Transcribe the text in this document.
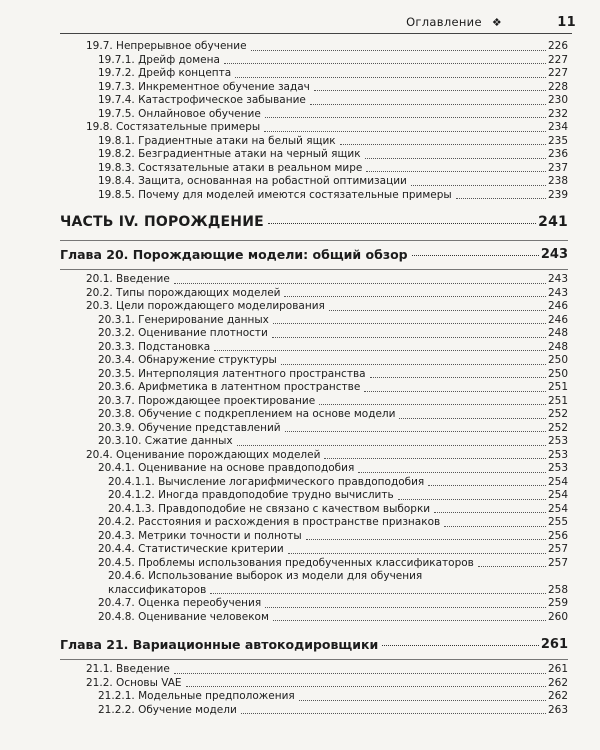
Оглавление ❖	11
19.7. Непрерывное обучение	226
19.7.1. Дрейф домена	227
19.7.2. Дрейф концепта	227
19.7.3. Инкрементное обучение задач	228
19.7.4. Катастрофическое забывание	230
19.7.5. Онлайновое обучение	232
19.8. Состязательные примеры	234
19.8.1. Градиентные атаки на белый ящик	235
19.8.2. Безградиентные атаки на черный ящик	236
19.8.3. Состязательные атаки в реальном мире	237
19.8.4. Защита, основанная на робастной оптимизации	238
19.8.5. Почему для моделей имеются состязательные примеры	239
ЧАСТЬ IV. ПОРОЖДЕНИЕ	241
Глава 20. Порождающие модели: общий обзор	243
20.1. Введение	243
20.2. Типы порождающих моделей	243
20.3. Цели порождающего моделирования	246
20.3.1. Генерирование данных	246
20.3.2. Оценивание плотности	248
20.3.3. Подстановка	248
20.3.4. Обнаружение структуры	250
20.3.5. Интерполяция латентного пространства	250
20.3.6. Арифметика в латентном пространстве	251
20.3.7. Порождающее проектирование	251
20.3.8. Обучение с подкреплением на основе модели	252
20.3.9. Обучение представлений	252
20.3.10. Сжатие данных	253
20.4. Оценивание порождающих моделей	253
20.4.1. Оценивание на основе правдоподобия	253
20.4.1.1. Вычисление логарифмического правдоподобия	254
20.4.1.2. Иногда правдоподобие трудно вычислить	254
20.4.1.3. Правдоподобие не связано с качеством выборки	254
20.4.2. Расстояния и расхождения в пространстве признаков	255
20.4.3. Метрики точности и полноты	256
20.4.4. Статистические критерии	257
20.4.5. Проблемы использования предобученных классификаторов	257
20.4.6. Использование выборок из модели для обучения
классификаторов	258
20.4.7. Оценка переобучения	259
20.4.8. Оценивание человеком	260
Глава 21. Вариационные автокодировщики	261
21.1. Введение	261
21.2. Основы VAE	262
21.2.1. Модельные предположения	262
21.2.2. Обучение модели	263
